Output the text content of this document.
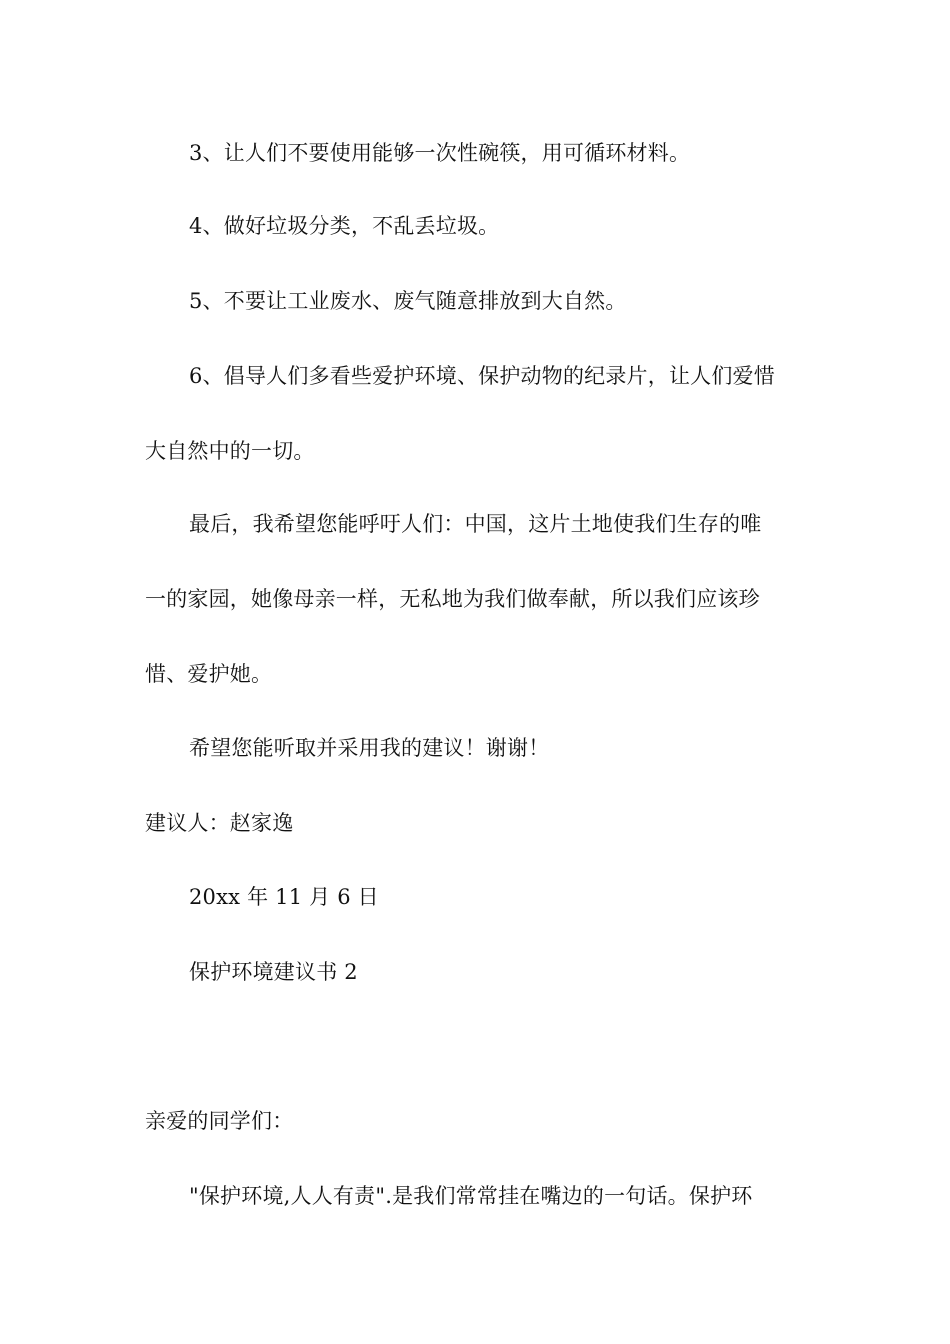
3、让人们不要使用能够一次性碗筷，用可循环材料。
4、做好垃圾分类，不乱丢垃圾。
5、不要让工业废水、废气随意排放到大自然。
6、倡导人们多看些爱护环境、保护动物的纪录片，让人们爱惜
大自然中的一切。
最后，我希望您能呼吁人们：中国，这片土地使我们生存的唯
一的家园，她像母亲一样，无私地为我们做奉献，所以我们应该珍
惜、爱护她。
希望您能听取并采用我的建议！谢谢！
建议人：赵家逸
20xx 年 11 月 6 日
保护环境建议书 2
亲爱的同学们：
"保护环境,人人有责".是我们常常挂在嘴边的一句话。保护环
